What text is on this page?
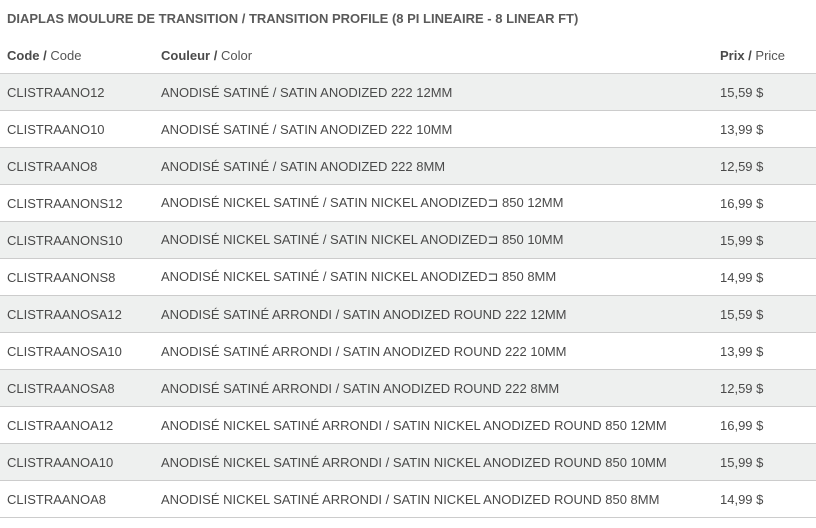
DIAPLAS MOULURE DE TRANSITION / TRANSITION PROFILE (8 PI LINEAIRE - 8 LINEAR FT)
Code / Code	Couleur / Color	Prix / Price
CLISTRAANO12	ANODISÉ SATINÉ / SATIN ANODIZED 222 12MM	15,59 $
CLISTRAANO10	ANODISÉ SATINÉ / SATIN ANODIZED 222 10MM	13,99 $
CLISTRAANO8	ANODISÉ SATINÉ / SATIN ANODIZED 222 8MM	12,59 $
CLISTRAANONS12	ANODISÉ NICKEL SATINÉ / SATIN NICKEL ANODIZED⊐ 850 12MM	16,99 $
CLISTRAANONS10	ANODISÉ NICKEL SATINÉ / SATIN NICKEL ANODIZED⊐ 850 10MM	15,99 $
CLISTRAANONS8	ANODISÉ NICKEL SATINÉ / SATIN NICKEL ANODIZED⊐ 850 8MM	14,99 $
CLISTRAANOSA12	ANODISÉ SATINÉ ARRONDI / SATIN ANODIZED ROUND 222 12MM	15,59 $
CLISTRAANOSA10	ANODISÉ SATINÉ ARRONDI / SATIN ANODIZED ROUND 222 10MM	13,99 $
CLISTRAANOSA8	ANODISÉ SATINÉ ARRONDI / SATIN ANODIZED ROUND 222 8MM	12,59 $
CLISTRAANOA12	ANODISÉ NICKEL SATINÉ ARRONDI / SATIN NICKEL ANODIZED ROUND 850 12MM	16,99 $
CLISTRAANOA10	ANODISÉ NICKEL SATINÉ ARRONDI / SATIN NICKEL ANODIZED ROUND 850 10MM	15,99 $
CLISTRAANOA8	ANODISÉ NICKEL SATINÉ ARRONDI / SATIN NICKEL ANODIZED ROUND 850 8MM	14,99 $
